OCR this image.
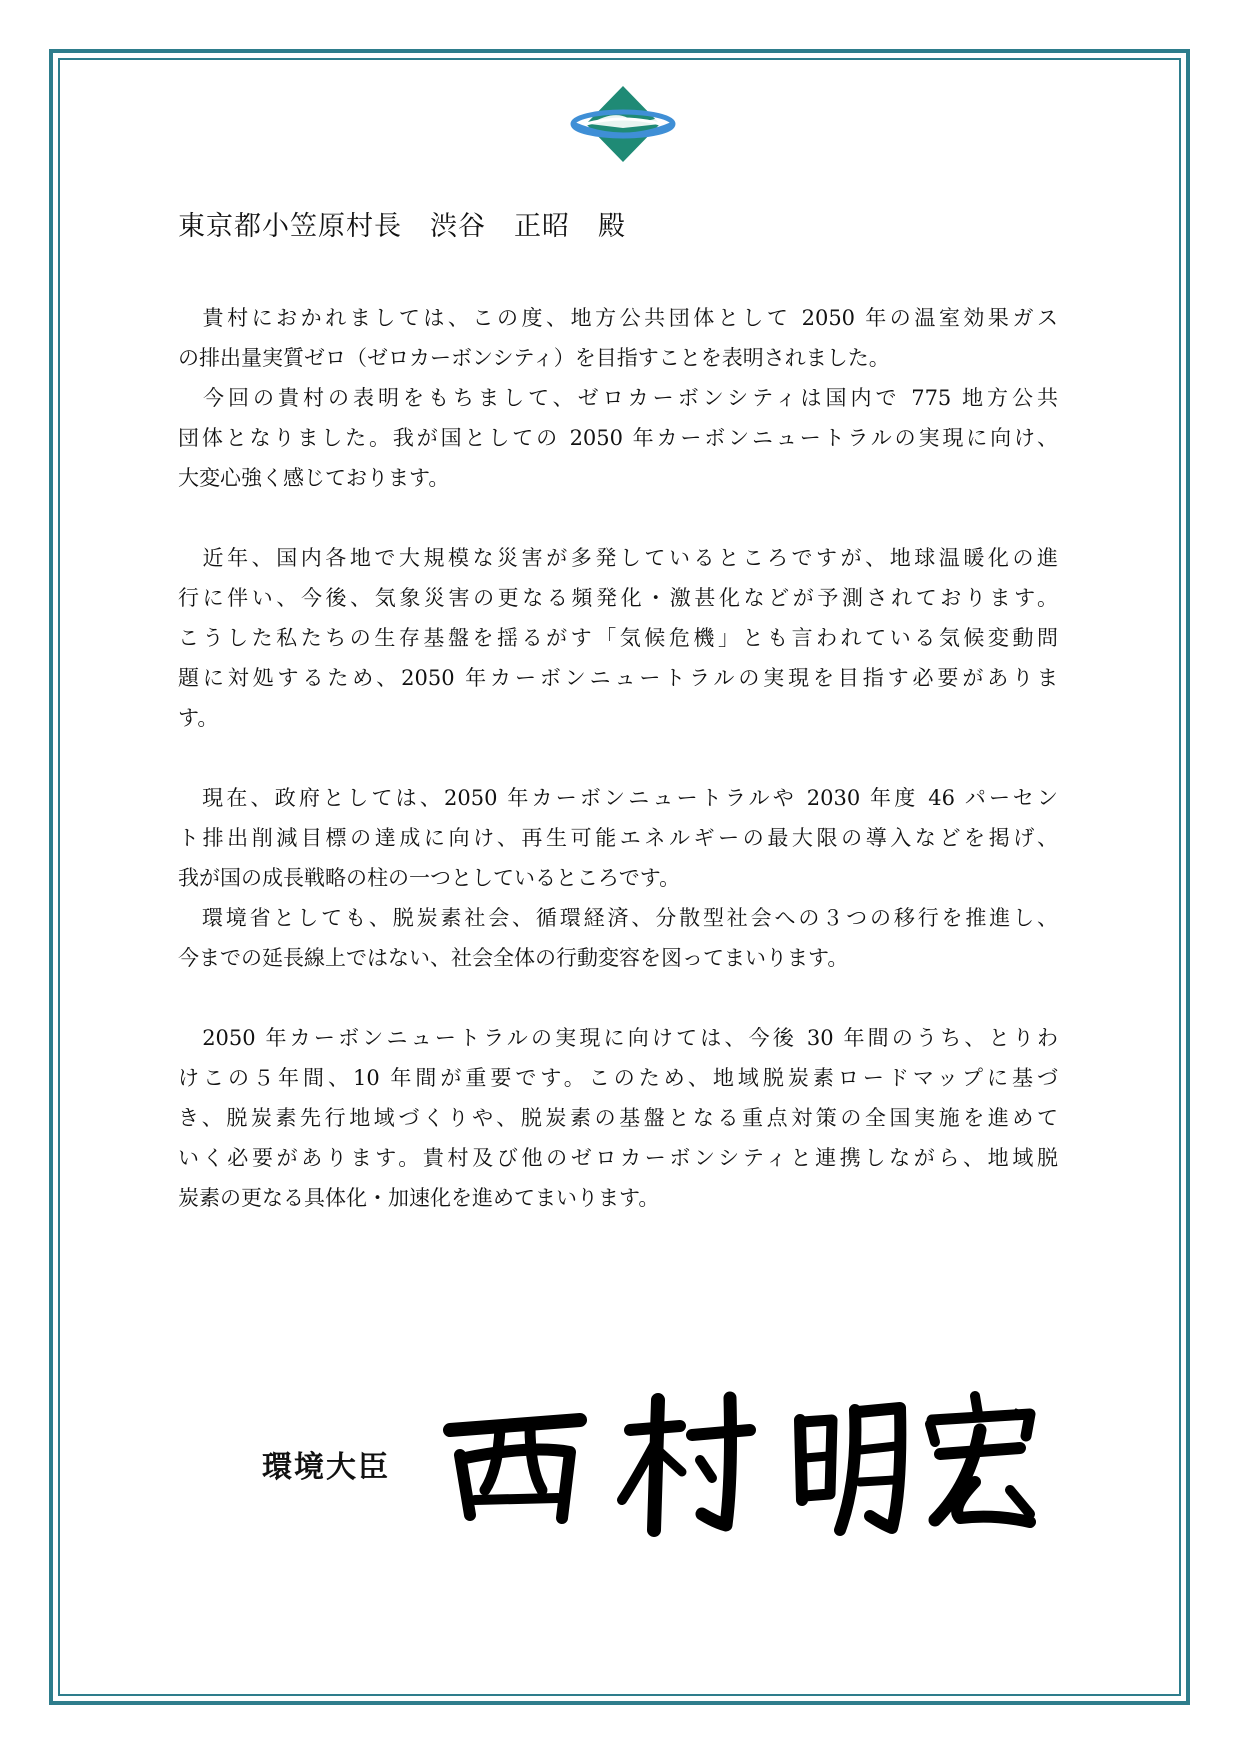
東京都小笠原村長　渋谷　正昭　殿
　貴村におかれましては、この度、地方公共団体として 2050 年の温室効果ガス
の排出量実質ゼロ（ゼロカーボンシティ）を目指すことを表明されました。
　今回の貴村の表明をもちまして、ゼロカーボンシティは国内で 775 地方公共
団体となりました。我が国としての 2050 年カーボンニュートラルの実現に向け、
大変心強く感じております。
　近年、国内各地で大規模な災害が多発しているところですが、地球温暖化の進
行に伴い、今後、気象災害の更なる頻発化・激甚化などが予測されております。
こうした私たちの生存基盤を揺るがす「気候危機」とも言われている気候変動問
題に対処するため、2050 年カーボンニュートラルの実現を目指す必要がありま
す。
　現在、政府としては、2050 年カーボンニュートラルや 2030 年度 46 パーセン
ト排出削減目標の達成に向け、再生可能エネルギーの最大限の導入などを掲げ、
我が国の成長戦略の柱の一つとしているところです。
　環境省としても、脱炭素社会、循環経済、分散型社会への３つの移行を推進し、
今までの延長線上ではない、社会全体の行動変容を図ってまいります。
　2050 年カーボンニュートラルの実現に向けては、今後 30 年間のうち、とりわ
けこの５年間、10 年間が重要です。このため、地域脱炭素ロードマップに基づ
き、脱炭素先行地域づくりや、脱炭素の基盤となる重点対策の全国実施を進めて
いく必要があります。貴村及び他のゼロカーボンシティと連携しながら、地域脱
炭素の更なる具体化・加速化を進めてまいります。
環境大臣
